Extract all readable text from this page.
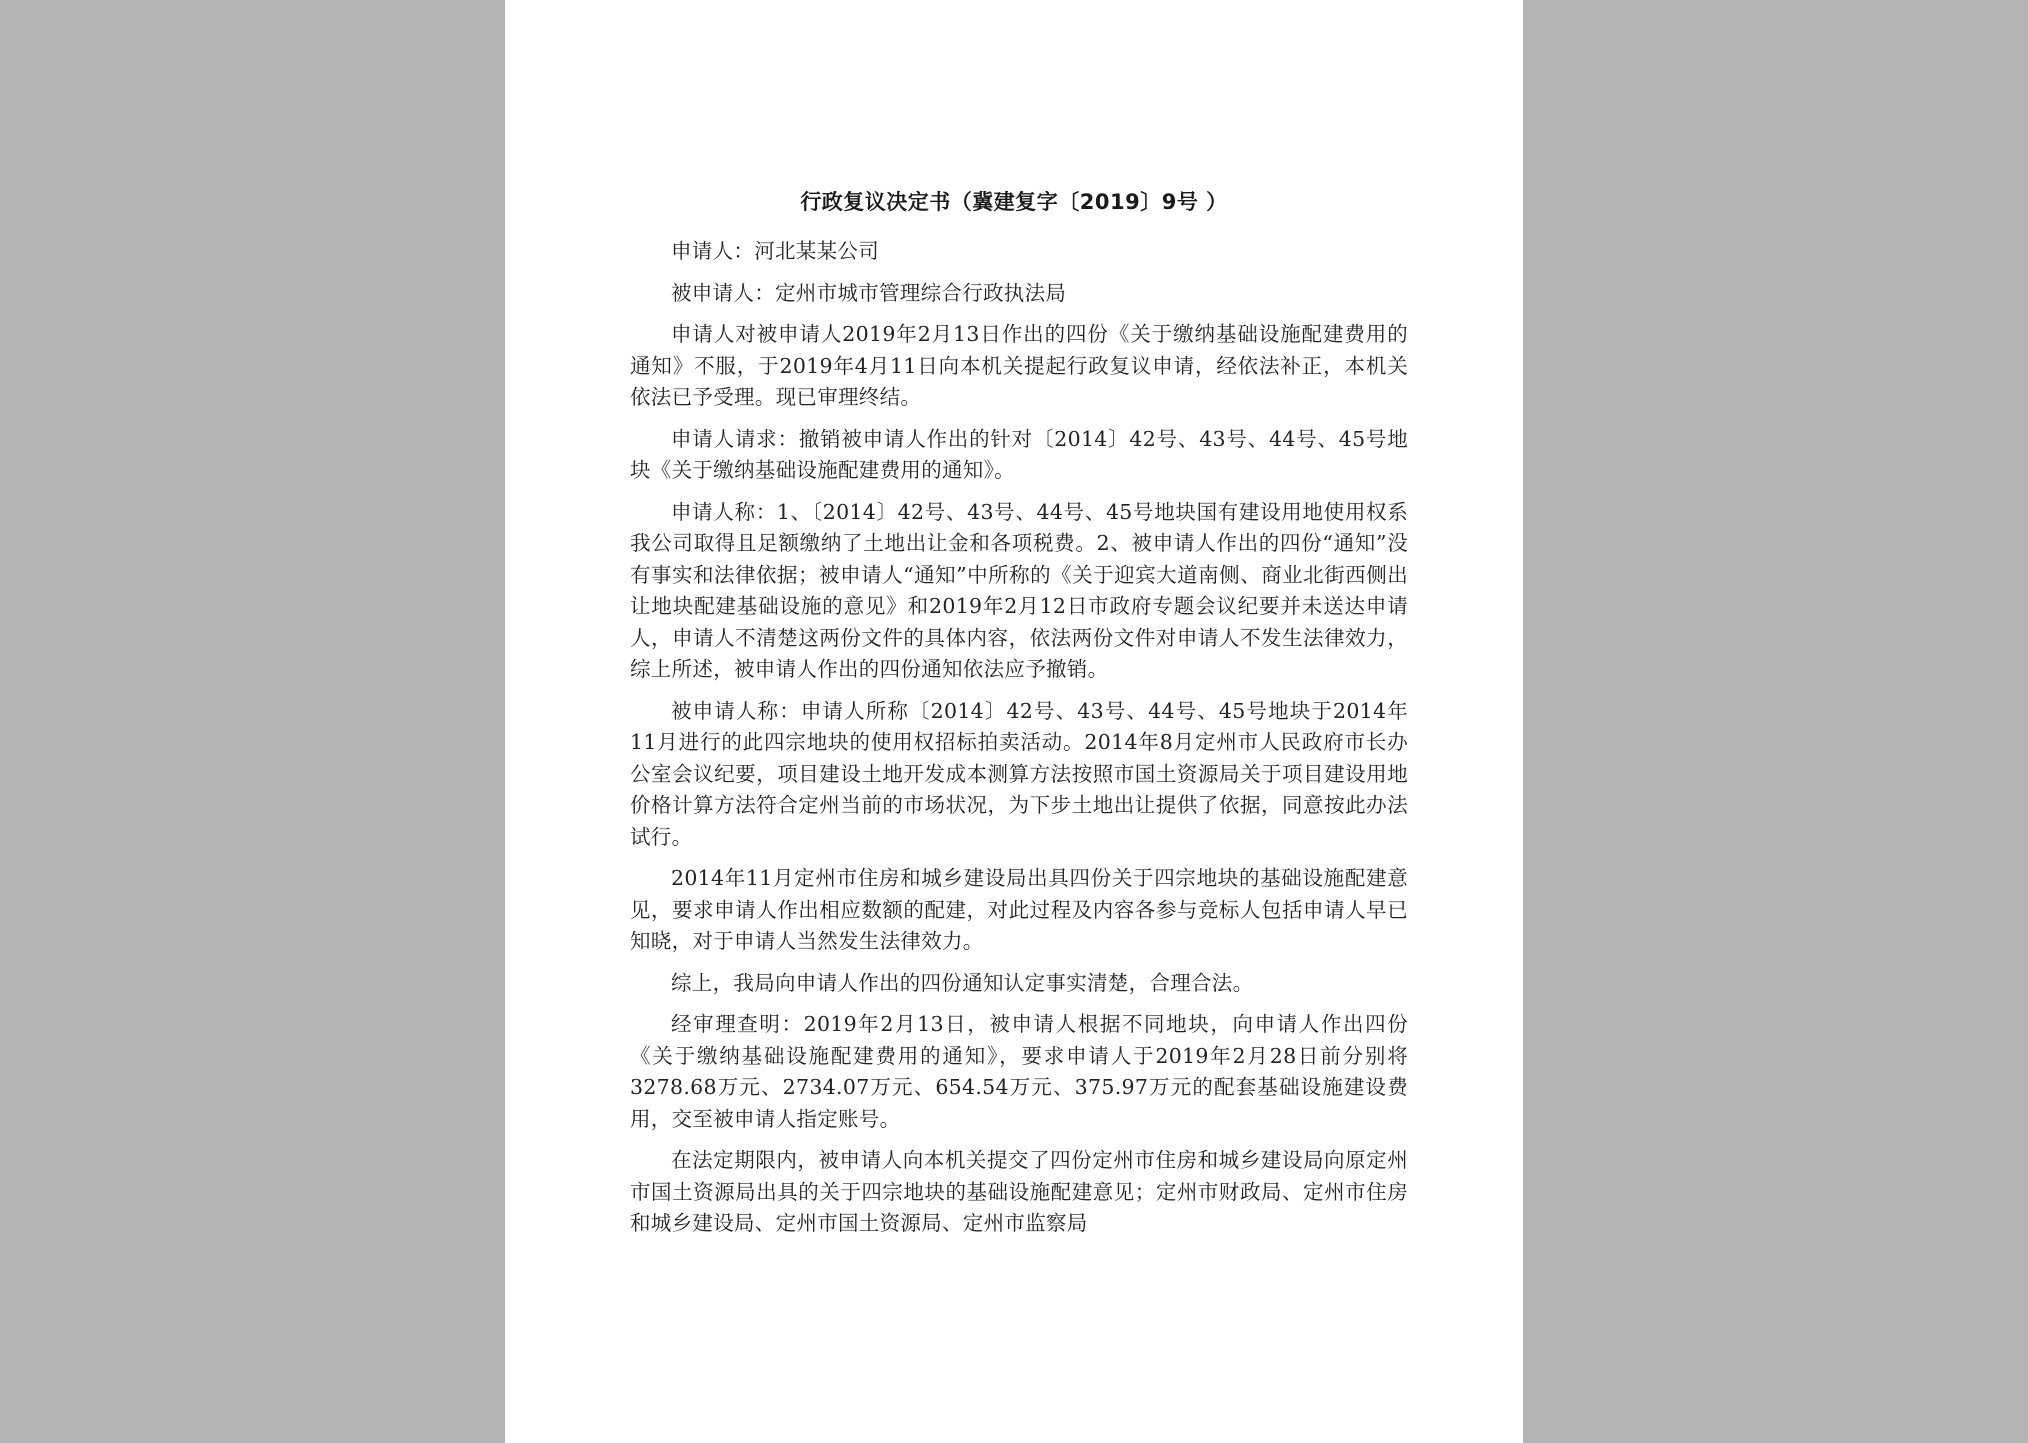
行政复议决定书（冀建复字〔2019〕9号 ）

申请人：河北某某公司

被申请人：定州市城市管理综合行政执法局

申请人对被申请人2019年2月13日作出的四份《关于缴纳基础设施配建费用的通知》不服，于2019年4月11日向本机关提起行政复议申请，经依法补正，本机关依法已予受理。现已审理终结。

申请人请求：撤销被申请人作出的针对〔2014〕42号、43号、44号、45号地块《关于缴纳基础设施配建费用的通知》。

申请人称：1、〔2014〕42号、43号、44号、45号地块国有建设用地使用权系我公司取得且足额缴纳了土地出让金和各项税费。2、被申请人作出的四份“通知”没有事实和法律依据；被申请人“通知”中所称的《关于迎宾大道南侧、商业北街西侧出让地块配建基础设施的意见》和2019年2月12日市政府专题会议纪要并未送达申请人，申请人不清楚这两份文件的具体内容，依法两份文件对申请人不发生法律效力，综上所述，被申请人作出的四份通知依法应予撤销。

被申请人称：申请人所称〔2014〕42号、43号、44号、45号地块于2014年11月进行的此四宗地块的使用权招标拍卖活动。2014年8月定州市人民政府市长办公室会议纪要，项目建设土地开发成本测算方法按照市国土资源局关于项目建设用地价格计算方法符合定州当前的市场状况，为下步土地出让提供了依据，同意按此办法试行。

2014年11月定州市住房和城乡建设局出具四份关于四宗地块的基础设施配建意见，要求申请人作出相应数额的配建，对此过程及内容各参与竞标人包括申请人早已知晓，对于申请人当然发生法律效力。

综上，我局向申请人作出的四份通知认定事实清楚，合理合法。

经审理查明：2019年2月13日，被申请人根据不同地块，向申请人作出四份《关于缴纳基础设施配建费用的通知》，要求申请人于2019年2月28日前分别将3278.68万元、2734.07万元、654.54万元、375.97万元的配套基础设施建设费用，交至被申请人指定账号。

在法定期限内，被申请人向本机关提交了四份定州市住房和城乡建设局向原定州市国土资源局出具的关于四宗地块的基础设施配建意见；定州市财政局、定州市住房和城乡建设局、定州市国土资源局、定州市监察局
